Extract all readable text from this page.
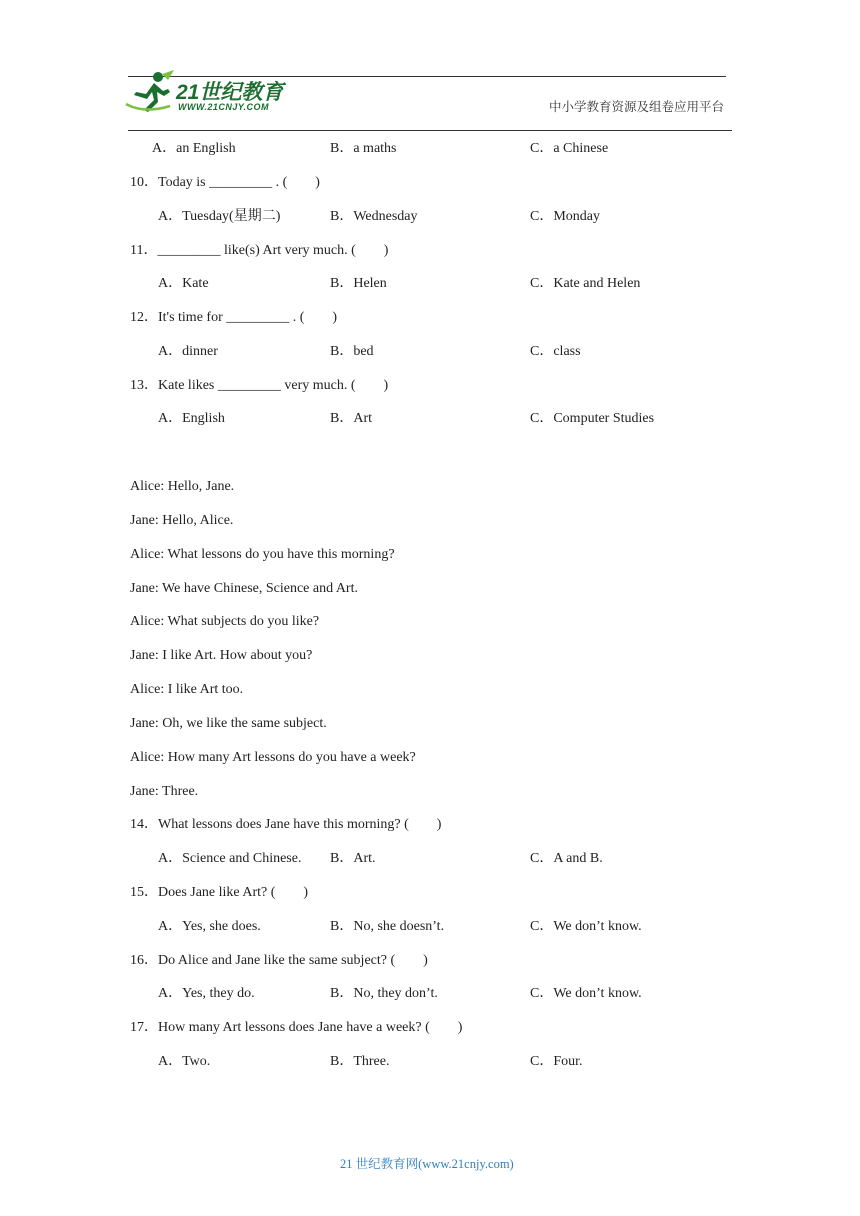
21世纪教育
WWW.21CNJY.COM	中小学教育资源及组卷应用平台
A．an English	B．a maths	C．a Chinese
10．Today is _________ . (　　)
A．Tuesday(星期二)	B．Wednesday	C．Monday
11．_________ like(s) Art very much. (　　)
A．Kate	B．Helen	C．Kate and Helen
12．It's time for _________ . (　　)
A．dinner	B．bed	C．class
13．Kate likes _________ very much. (　　)
A．English	B．Art	C．Computer Studies
Alice: Hello, Jane.
Jane: Hello, Alice.
Alice: What lessons do you have this morning?
Jane: We have Chinese, Science and Art.
Alice: What subjects do you like?
Jane: I like Art. How about you?
Alice: I like Art too.
Jane: Oh, we like the same subject.
Alice: How many Art lessons do you have a week?
Jane: Three.
14．What lessons does Jane have this morning? (　　)
A．Science and Chinese. B．Art.	C．A and B.
15．Does Jane like Art? (　　)
A．Yes, she does.	B．No, she doesn’t.	C．We don’t know.
16．Do Alice and Jane like the same subject? (　　)
A．Yes, they do.	B．No, they don’t.	C．We don’t know.
17．How many Art lessons does Jane have a week? (　　)
A．Two.	B．Three.	C．Four.
21 世纪教育网(www.21cnjy.com)
